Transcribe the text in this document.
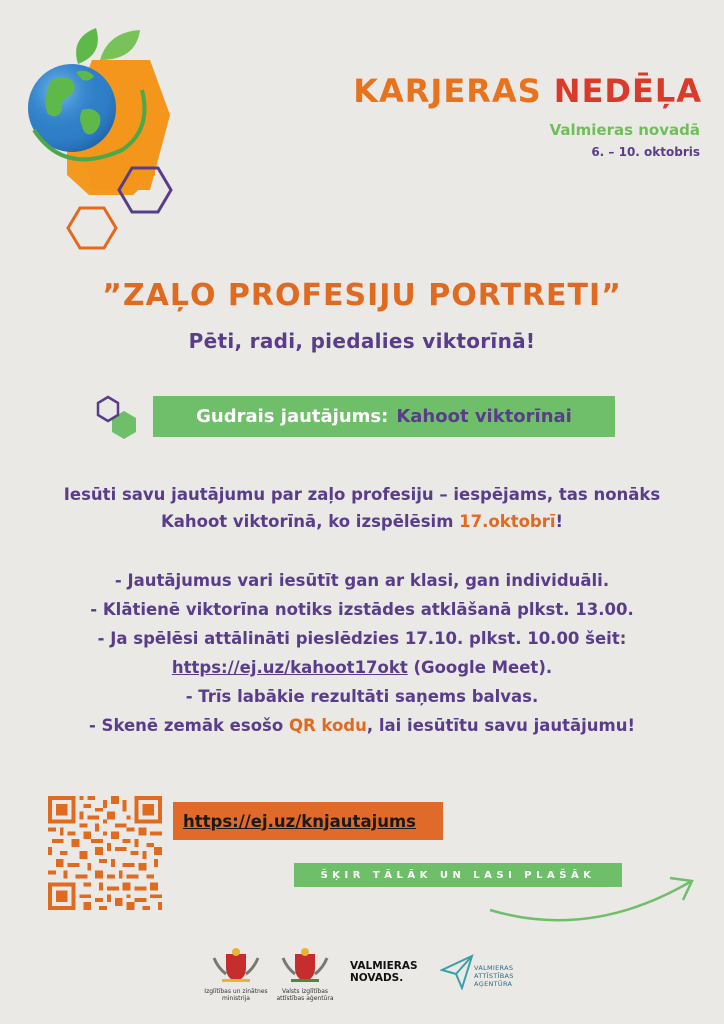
KARJERAS NEDĒĻA
Valmieras novadā
6. – 10. oktobris
”ZAĻO PROFESIJU PORTRETI”
Pēti, radi, piedalies viktorīnā!
Gudrais jautājums: Kahoot viktorīnai
Iesūti savu jautājumu par zaļo profesiju – iespējams, tas nonāks
Kahoot viktorīnā, ko izspēlēsim 17.oktobrī!
- Jautājumus vari iesūtīt gan ar klasi, gan individuāli.
- Klātienē viktorīna notiks izstādes atklāšanā plkst. 13.00.
- Ja spēlēsi attālināti pieslēdzies 17.10. plkst. 10.00 šeit:
https://ej.uz/kahoot17okt (Google Meet).
- Trīs labākie rezultāti saņems balvas.
- Skenē zemāk esošo QR kodu, lai iesūtītu savu jautājumu!
https://ej.uz/knjautajums
ŠĶIR TĀLĀK UN LASI PLAŠĀK
Izglītības un zinātnes ministrija
Valsts izglītības attīstības aģentūra
VALMIERAS
NOVADS.
VALMIERAS
ATTĪSTĪBAS
AĢENTŪRA
